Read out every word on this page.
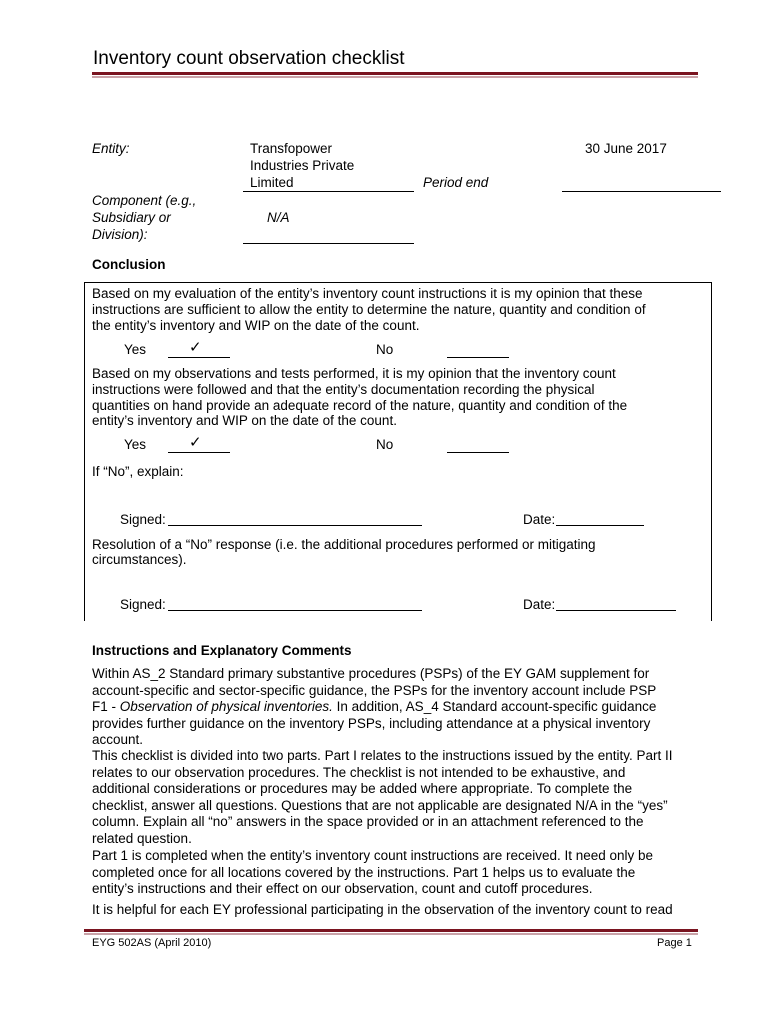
Inventory count observation checklist
Entity:	Transfopower
Industries Private
Limited	Period end
30 June 2017
Component (e.g.,
Subsidiary or
Division):
N/A
Conclusion
Based on my evaluation of the entity’s inventory count instructions it is my opinion that these
instructions are sufficient to allow the entity to determine the nature, quantity and condition of
the entity’s inventory and WIP on the date of the count.
Yes	✓	No
Based on my observations and tests performed, it is my opinion that the inventory count
instructions were followed and that the entity’s documentation recording the physical
quantities on hand provide an adequate record of the nature, quantity and condition of the
entity’s inventory and WIP on the date of the count.
Yes	✓	No
If “No”, explain:
Signed:	Date:
Resolution of a “No” response (i.e. the additional procedures performed or mitigating
circumstances).
Signed:	Date:
Instructions and Explanatory Comments
Within AS_2 Standard primary substantive procedures (PSPs) of the EY GAM supplement for
account-specific and sector-specific guidance, the PSPs for the inventory account include PSP
F1 - Observation of physical inventories. In addition, AS_4 Standard account-specific guidance
provides further guidance on the inventory PSPs, including attendance at a physical inventory
account.
This checklist is divided into two parts. Part I relates to the instructions issued by the entity. Part II
relates to our observation procedures. The checklist is not intended to be exhaustive, and
additional considerations or procedures may be added where appropriate. To complete the
checklist, answer all questions. Questions that are not applicable are designated N/A in the “yes”
column. Explain all “no” answers in the space provided or in an attachment referenced to the
related question.
Part 1 is completed when the entity’s inventory count instructions are received. It need only be
completed once for all locations covered by the instructions. Part 1 helps us to evaluate the
entity’s instructions and their effect on our observation, count and cutoff procedures.
It is helpful for each EY professional participating in the observation of the inventory count to read
EYG 502AS (April 2010)	Page 1
